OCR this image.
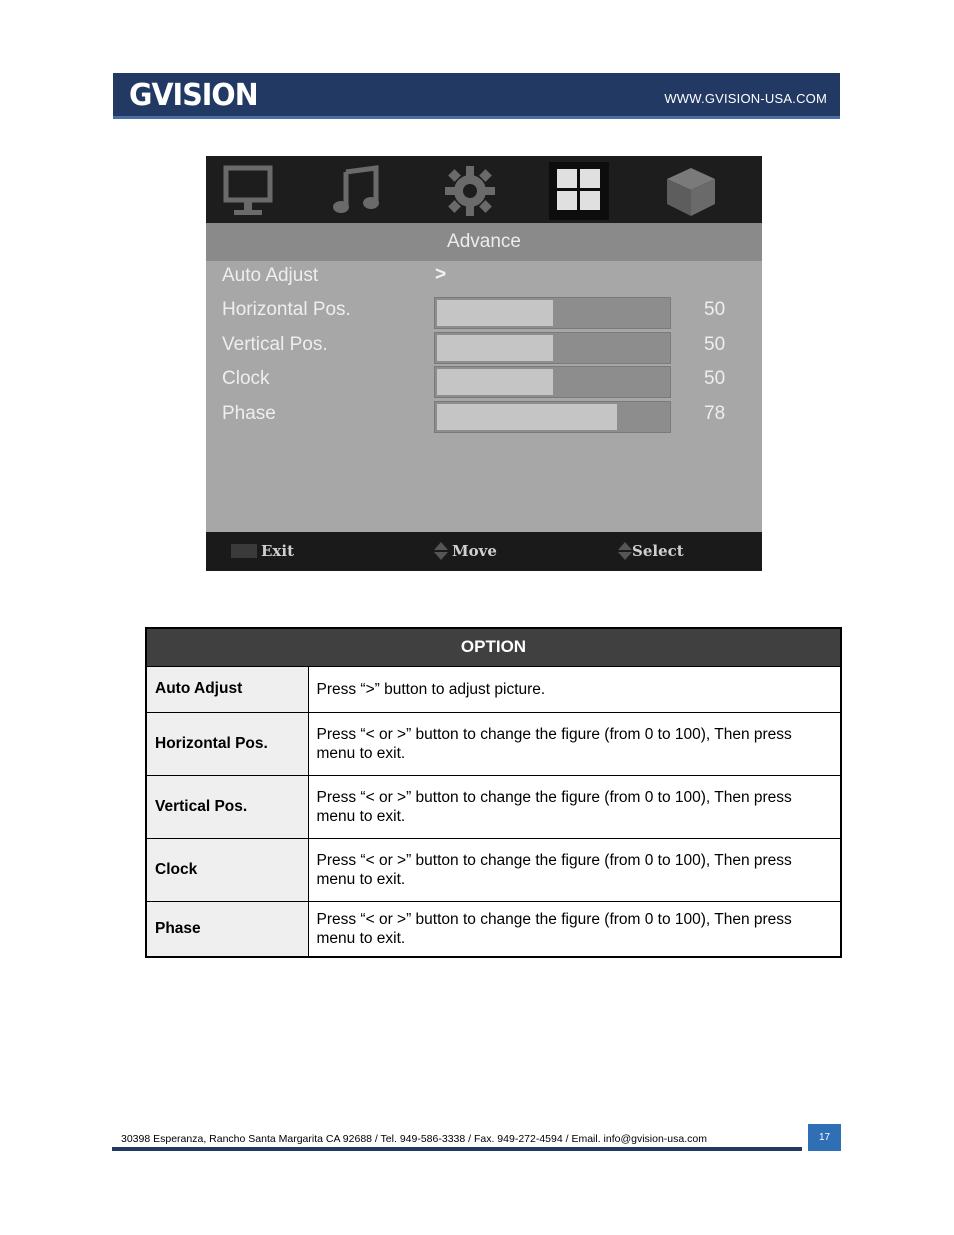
GVISION	WWW.GVISION-USA.COM
Advance
Auto Adjust	>
Horizontal Pos.	50
Vertical Pos.	50
Clock	50
Phase	78
Exit	Move	Select
OPTION	
Auto Adjust	Press “>” button to adjust picture.
Horizontal Pos.	Press “< or >” button to change the figure (from 0 to 100), Then press menu to exit.
Vertical Pos.	Press “< or >” button to change the figure (from 0 to 100), Then press menu to exit.
Clock	Press “< or >” button to change the figure (from 0 to 100), Then press menu to exit.
Phase	Press “< or >” button to change the figure (from 0 to 100), Then press menu to exit.
30398 Esperanza, Rancho Santa Margarita CA 92688 / Tel. 949-586-3338 / Fax. 949-272-4594 / Email. info@gvision-usa.com	17
